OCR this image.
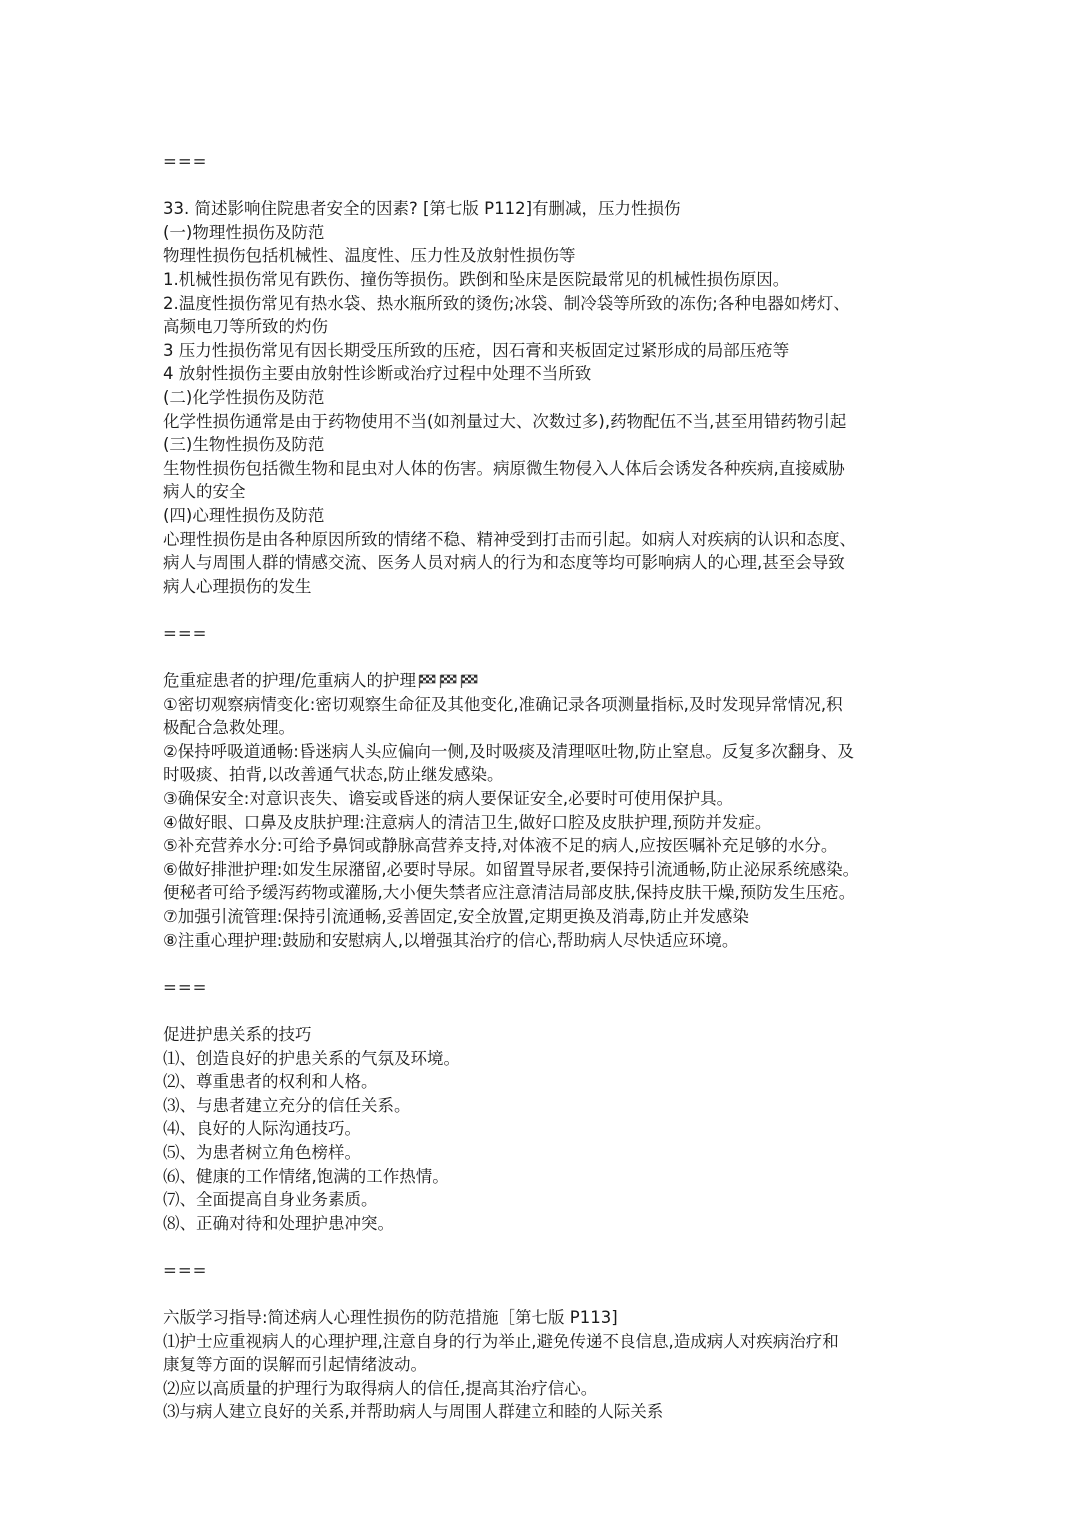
===
33. 简述影响住院患者安全的因素? [第七版 P112]有删减，压力性损伤
(一)物理性损伤及防范
物理性损伤包括机械性、温度性、压力性及放射性损伤等
1.机械性损伤常见有跌伤、撞伤等损伤。跌倒和坠床是医院最常见的机械性损伤原因。
2.温度性损伤常见有热水袋、热水瓶所致的烫伤;冰袋、制冷袋等所致的冻伤;各种电器如烤灯、
高频电刀等所致的灼伤
3 压力性损伤常见有因长期受压所致的压疮，因石膏和夹板固定过紧形成的局部压疮等
4 放射性损伤主要由放射性诊断或治疗过程中处理不当所致
(二)化学性损伤及防范
化学性损伤通常是由于药物使用不当(如剂量过大、次数过多),药物配伍不当,甚至用错药物引起
(三)生物性损伤及防范
生物性损伤包括微生物和昆虫对人体的伤害。病原微生物侵入人体后会诱发各种疾病,直接威胁
病人的安全
(四)心理性损伤及防范
心理性损伤是由各种原因所致的情绪不稳、精神受到打击而引起。如病人对疾病的认识和态度、
病人与周围人群的情感交流、医务人员对病人的行为和态度等均可影响病人的心理,甚至会导致
病人心理损伤的发生
===
危重症患者的护理/危重病人的护理
①密切观察病情变化:密切观察生命征及其他变化,准确记录各项测量指标,及时发现异常情况,积
极配合急救处理。
②保持呼吸道通畅:昏迷病人头应偏向一侧,及时吸痰及清理呕吐物,防止窒息。反复多次翻身、及
时吸痰、拍背,以改善通气状态,防止继发感染。
③确保安全:对意识丧失、谵妄或昏迷的病人要保证安全,必要时可使用保护具。
④做好眼、口鼻及皮肤护理:注意病人的清洁卫生,做好口腔及皮肤护理,预防并发症。
⑤补充营养水分:可给予鼻饲或静脉高营养支持,对体液不足的病人,应按医嘱补充足够的水分。
⑥做好排泄护理:如发生尿潴留,必要时导尿。如留置导尿者,要保持引流通畅,防止泌尿系统感染。
便秘者可给予缓泻药物或灌肠,大小便失禁者应注意清洁局部皮肤,保持皮肤干燥,预防发生压疮。
⑦加强引流管理:保持引流通畅,妥善固定,安全放置,定期更换及消毒,防止并发感染
⑧注重心理护理:鼓励和安慰病人,以增强其治疗的信心,帮助病人尽快适应环境。
===
促进护患关系的技巧
⑴、创造良好的护患关系的气氛及环境。
⑵、尊重患者的权利和人格。
⑶、与患者建立充分的信任关系。
⑷、良好的人际沟通技巧。
⑸、为患者树立角色榜样。
⑹、健康的工作情绪,饱满的工作热情。
⑺、全面提高自身业务素质。
⑻、正确对待和处理护患冲突。
===
六版学习指导:简述病人心理性损伤的防范措施［第七版 P113]
⑴护士应重视病人的心理护理,注意自身的行为举止,避免传递不良信息,造成病人对疾病治疗和
康复等方面的误解而引起情绪波动。
⑵应以高质量的护理行为取得病人的信任,提高其治疗信心。
⑶与病人建立良好的关系,并帮助病人与周围人群建立和睦的人际关系
